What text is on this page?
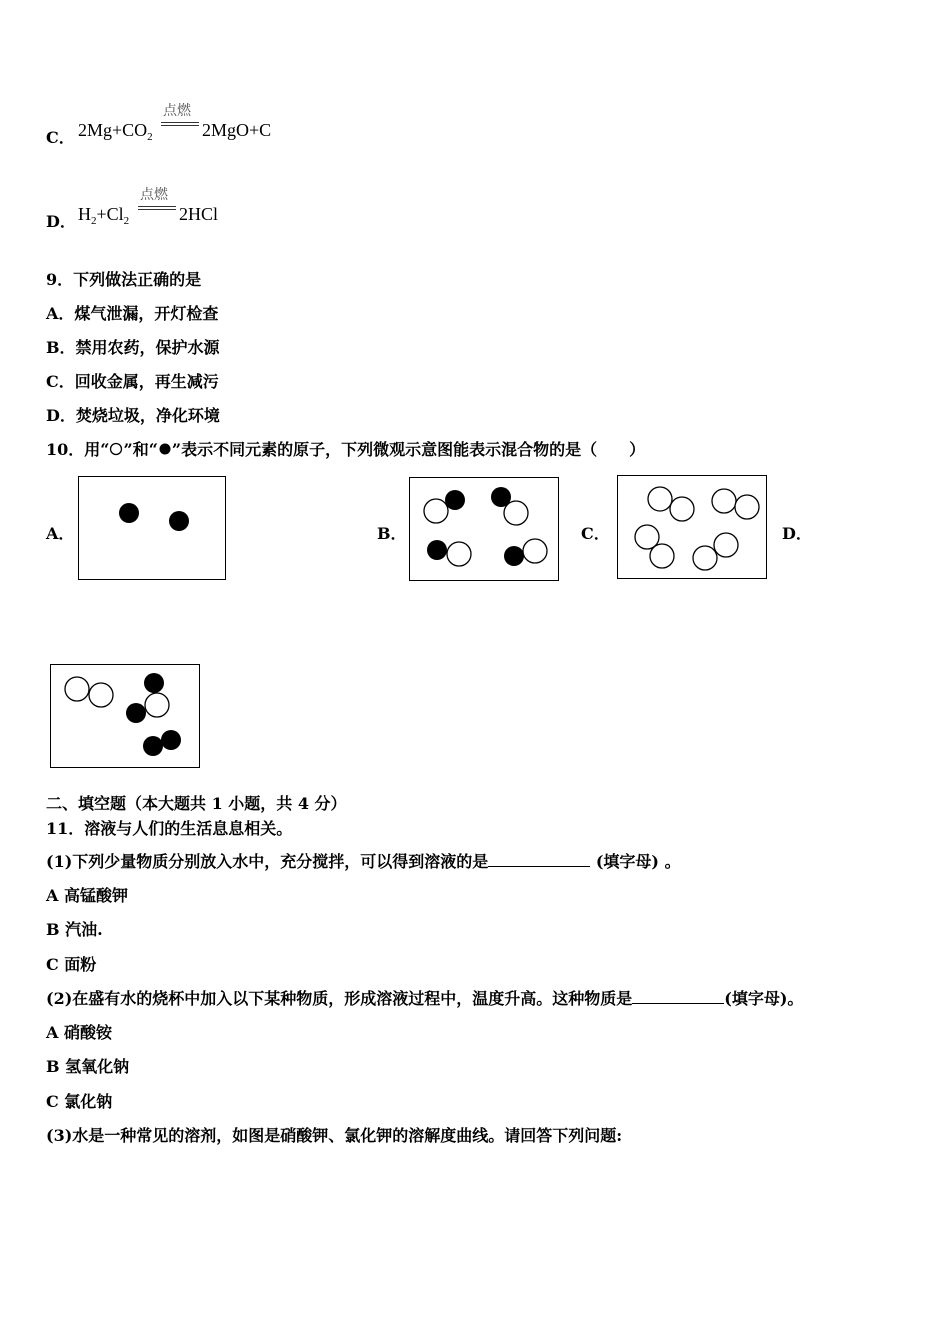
C． $2Mg+CO_2$
点燃
2MgO+C
D． $H_2+Cl_2$
点燃
2HCl
9．下列做法正确的是
A．煤气泄漏，开灯检查
B．禁用农药，保护水源
C．回收金属，再生减污
D．焚烧垃圾，净化环境
10．用“ ”和“ ”表示不同元素的原子，下列微观示意图能表示混合物的是（　　）
A．	B．	C．	D．
二、填空题（本大题共 1 小题，共 4 分）
11．溶液与人们的生活息息相关。
(1)下列少量物质分别放入水中，充分搅拌，可以得到溶液的是	(填字母) 。
A 高锰酸钾
B 汽油.
C 面粉
(2)在盛有水的烧杯中加入以下某种物质，形成溶液过程中，温度升高。这种物质是	(填字母)。
A 硝酸铵
B 氢氧化钠
C 氯化钠
(3)水是一种常见的溶剂，如图是硝酸钾、氯化钾的溶解度曲线。请回答下列问题:
